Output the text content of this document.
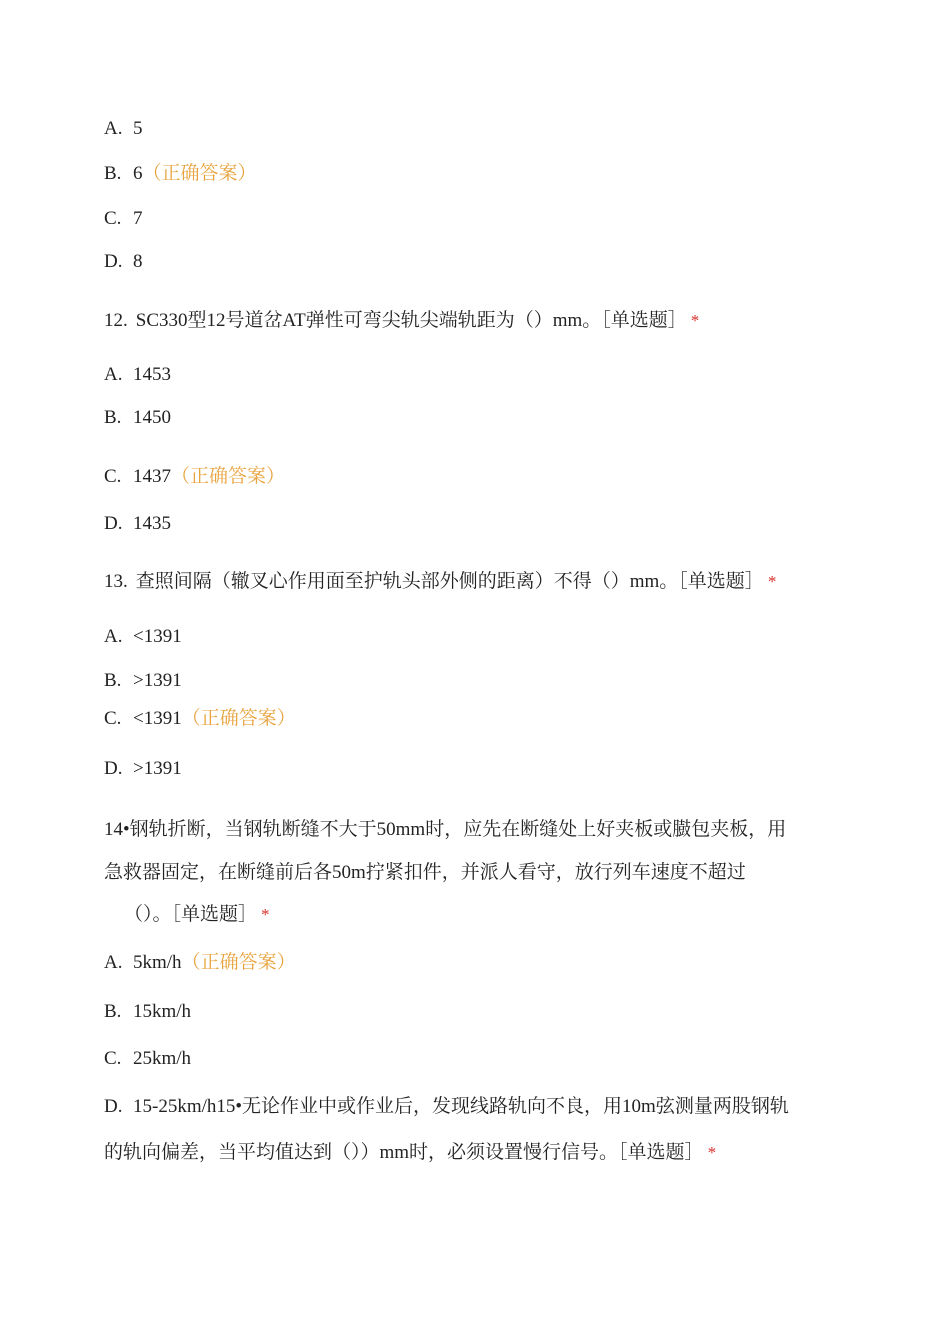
A. 5
B. 6（正确答案）
C. 7
D. 8
12. SC330型12号道岔AT弹性可弯尖轨尖端轨距为（）mm。［单选题］ *
A. 1453
B. 1450
C. 1437（正确答案）
D. 1435
13. 查照间隔（辙叉心作用面至护轨头部外侧的距离）不得（）mm。［单选题］ *
A. <1391
B. >1391
C. <1391（正确答案）
D. >1391
14•钢轨折断，当钢轨断缝不大于50mm时，应先在断缝处上好夹板或臌包夹板，用
急救器固定，在断缝前后各50m拧紧扣件，并派人看守，放行列车速度不超过
（）。［单选题］ *
A. 5km/h（正确答案）
B. 15km/h
C. 25km/h
D. 15-25km/h15•无论作业中或作业后，发现线路轨向不良，用10m弦测量两股钢轨
的轨向偏差，当平均值达到（））mm时，必须设置慢行信号。［单选题］ *
